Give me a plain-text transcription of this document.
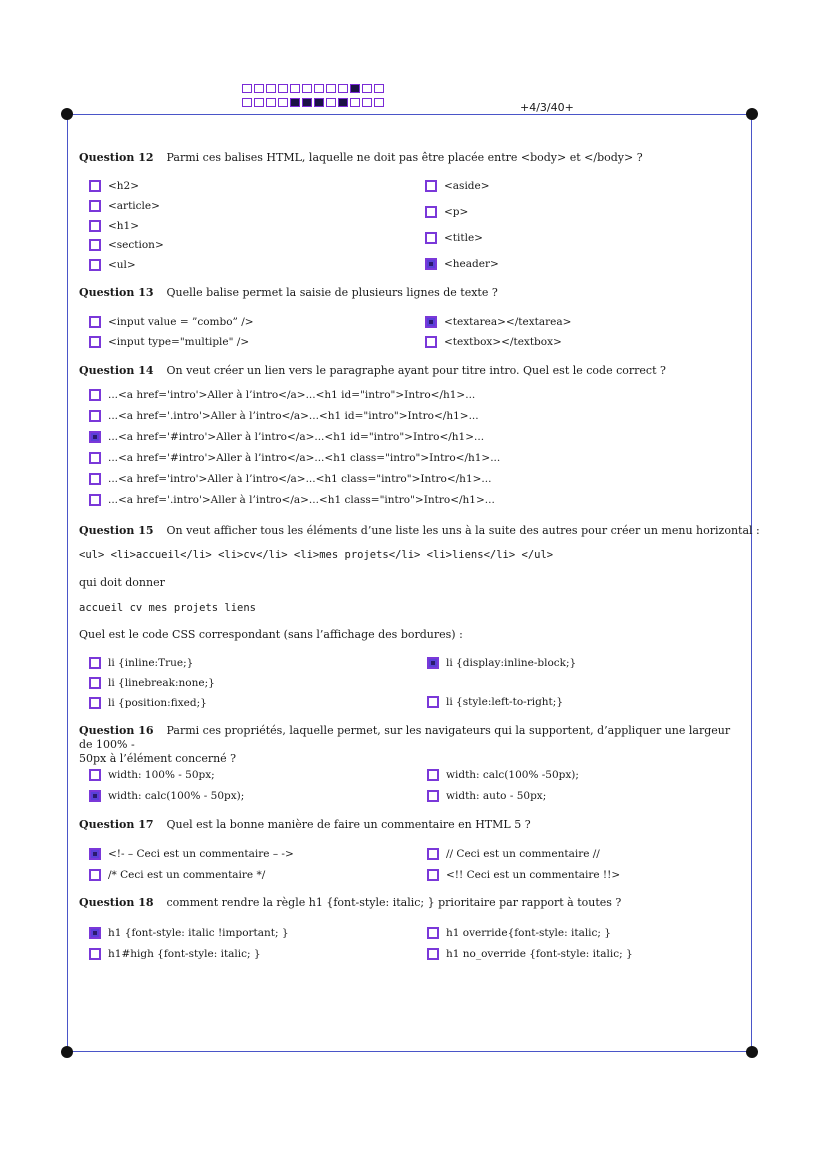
+4/3/40+
Question 12 Parmi ces balises HTML, laquelle ne doit pas être placée entre <body> et </body> ?
<h2>
<article>
<h1>
<section>
<ul>
<aside>
<p>
<title>
<header>
Question 13 Quelle balise permet la saisie de plusieurs lignes de texte ?
<input value = ”combo” />
<input type="multiple" />
<textarea></textarea>
<textbox></textbox>
Question 14 On veut créer un lien vers le paragraphe ayant pour titre intro. Quel est le code correct ?
...<a href='intro'>Aller à l’intro</a>...<h1 id="intro">Intro</h1>...
...<a href='.intro'>Aller à l’intro</a>...<h1 id="intro">Intro</h1>...
...<a href='#intro'>Aller à l’intro</a>...<h1 id="intro">Intro</h1>...
...<a href='#intro'>Aller à l’intro</a>...<h1 class="intro">Intro</h1>...
...<a href='intro'>Aller à l’intro</a>...<h1 class="intro">Intro</h1>...
...<a href='.intro'>Aller à l’intro</a>...<h1 class="intro">Intro</h1>...
Question 15 On veut afficher tous les éléments d’une liste les uns à la suite des autres pour créer un menu horizontal :
<ul> <li>accueil</li> <li>cv</li> <li>mes projets</li> <li>liens</li> </ul>
qui doit donner
accueil cv mes projets liens
Quel est le code CSS correspondant (sans l’affichage des bordures) :
li {inline:True;}
li {linebreak:none;}
li {position:fixed;}
li {display:inline-block;}
li {style:left-to-right;}
Question 16 Parmi ces propriétés, laquelle permet, sur les navigateurs qui la supportent, d’appliquer une largeur de 100% -
50px à l’élément concerné ?
width: 100% - 50px;
width: calc(100% - 50px);
width: calc(100% -50px);
width: auto - 50px;
Question 17 Quel est la bonne manière de faire un commentaire en HTML 5 ?
<!- – Ceci est un commentaire – ->
/* Ceci est un commentaire */
// Ceci est un commentaire //
<!! Ceci est un commentaire !!>
Question 18 comment rendre la règle h1 {font-style: italic; } prioritaire par rapport à toutes ?
h1 {font-style: italic !important; }
h1#high {font-style: italic; }
h1 override{font-style: italic; }
h1 no_override {font-style: italic; }
